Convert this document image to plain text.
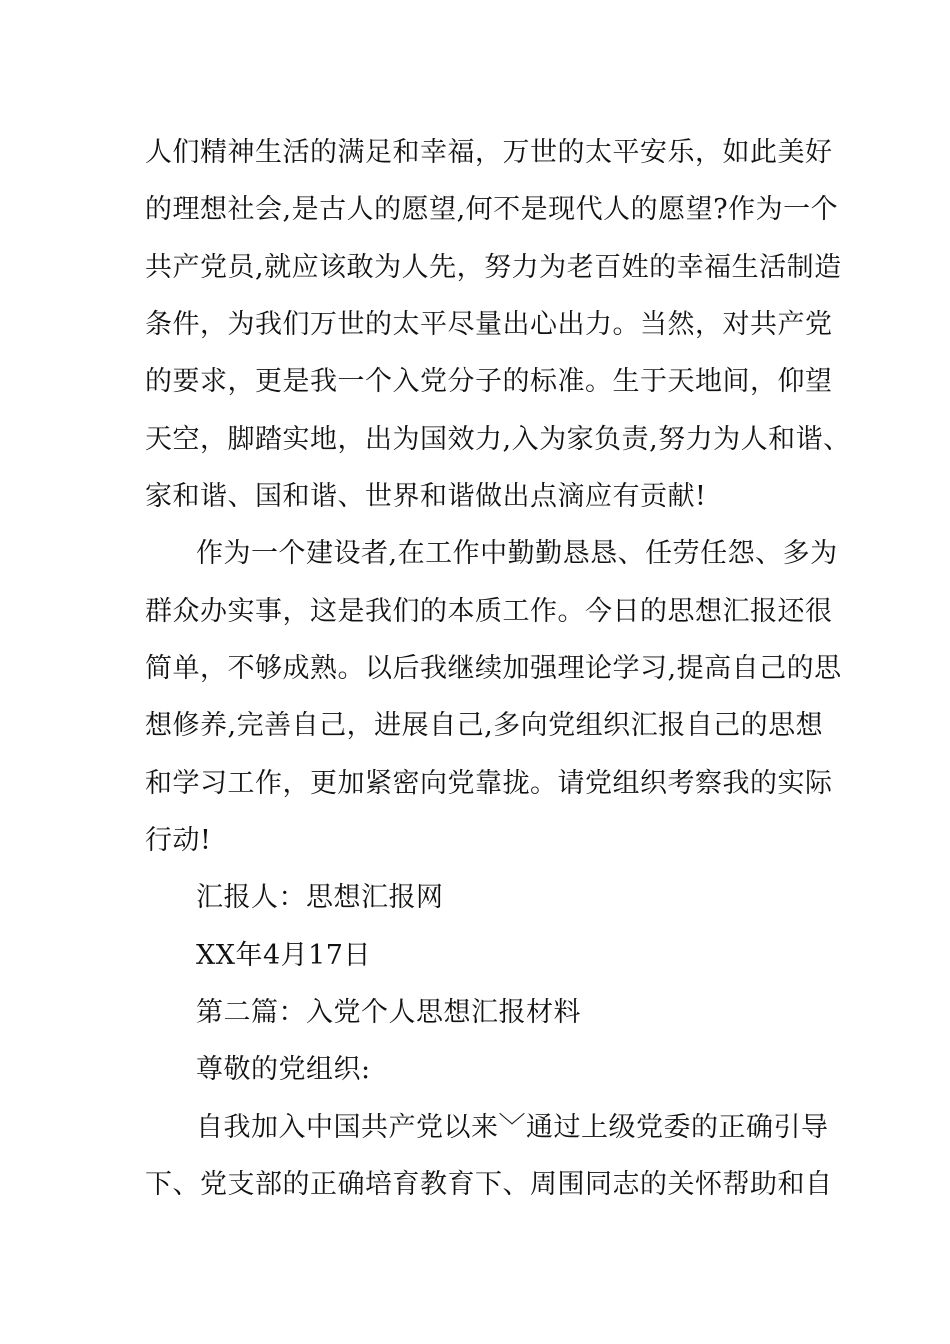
人们精神生活的满足和幸福，万世的太平安乐，如此美好
的理想社会,是古人的愿望,何不是现代人的愿望?作为一个
共产党员,就应该敢为人先，努力为老百姓的幸福生活制造
条件，为我们万世的太平尽量出心出力。当然，对共产党
的要求，更是我一个入党分子的标准。生于天地间，仰望
天空，脚踏实地，出为国效力,入为家负责,努力为人和谐、
家和谐、国和谐、世界和谐做出点滴应有贡献!
作为一个建设者,在工作中勤勤恳恳、任劳任怨、多为
群众办实事，这是我们的本质工作。今日的思想汇报还很
简单，不够成熟。以后我继续加强理论学习,提高自己的思
想修养,完善自己，进展自己,多向党组织汇报自己的思想
和学习工作，更加紧密向党靠拢。请党组织考察我的实际
行动!
汇报人：思想汇报网
XX年4月17日
第二篇：入党个人思想汇报材料
尊敬的党组织:
自我加入中国共产党以来﹀通过上级党委的正确引导
下、党支部的正确培育教育下、周围同志的关怀帮助和自
